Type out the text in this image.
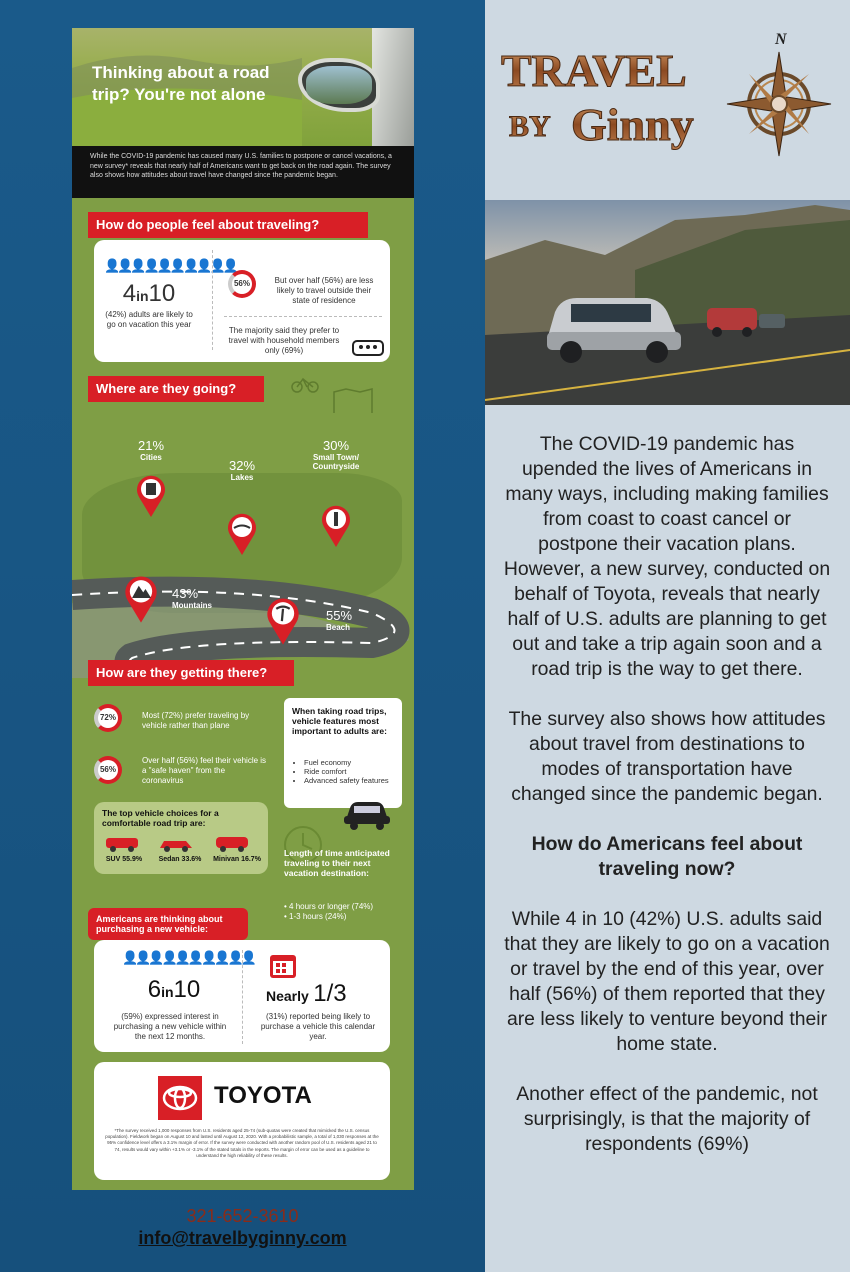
Thinking about a road trip? You're not alone
While the COVID-19 pandemic has caused many U.S. families to postpone or cancel vacations, a new survey* reveals that nearly half of Americans want to get back on the road again. The survey also shows how attitudes about travel have changed since the pandemic began.
How do people feel about traveling?
👤👤👤👤👤👤👤👤👤👤
4in10
(42%) adults are likely to go on vacation this year
56%	But over half (56%) are less likely to travel outside their state of residence
The majority said they prefer to travel with household members only (69%)
Where are they going?
21%
Cities
32%
Lakes
30%
Small Town/ Countryside
43%
Mountains
55%
Beach
How are they getting there?
72%	Most (72%) prefer traveling by vehicle rather than plane
56%
Over half (56%) feel their vehicle is a "safe haven" from the coronavirus
When taking road trips, vehicle features most important to adults are:
• Fuel economy
• Ride comfort
• Advanced safety features
The top vehicle choices for a comfortable road trip are:
SUV 55.9%	Sedan 33.6%	Minivan 16.7%
Length of time anticipated traveling to their next vacation destination:
• 4 hours or longer (74%)
• 1-3 hours (24%)
Americans are thinking about purchasing a new vehicle:
👤👤👤👤👤👤👤👤👤👤
6in10
(59%) expressed interest in purchasing a new vehicle within the next 12 months.
Nearly 1/3
(31%) reported being likely to purchase a vehicle this calendar year.
TOYOTA
*The survey received 1,000 responses from U.S. residents aged 25-74 (sub-quotas were created that mimicked the U.S. census population). Fieldwork began on August 10 and lasted until August 12, 2020. With a probabilistic sample, a total of 1,030 responses at the 95% confidence level offers a 3.1% margin of error. If the survey were conducted with another random pool of U.S. residents aged 21 to 74, results would vary within +3.1% or -3.1% of the stated totals in the reports. The margin of error can be used as a guideline to understand the high reliability of these results.
TRAVEL
BY Ginny
N

The COVID-19 pandemic has upended the lives of Americans in many ways, including making families from coast to coast cancel or postpone their vacation plans. However, a new survey, conducted on behalf of Toyota, reveals that nearly half of U.S. adults are planning to get out and take a trip again soon and a road trip is the way to get there.

The survey also shows how attitudes about travel from destinations to modes of transportation have changed since the pandemic began.

How do Americans feel about traveling now?

While 4 in 10 (42%) U.S. adults said that they are likely to go on a vacation or travel by the end of this year, over half (56%) of them reported that they are less likely to venture beyond their home state.

Another effect of the pandemic, not surprisingly, is that the majority of respondents (69%)

321-652-3610
info@travelbyginny.com
